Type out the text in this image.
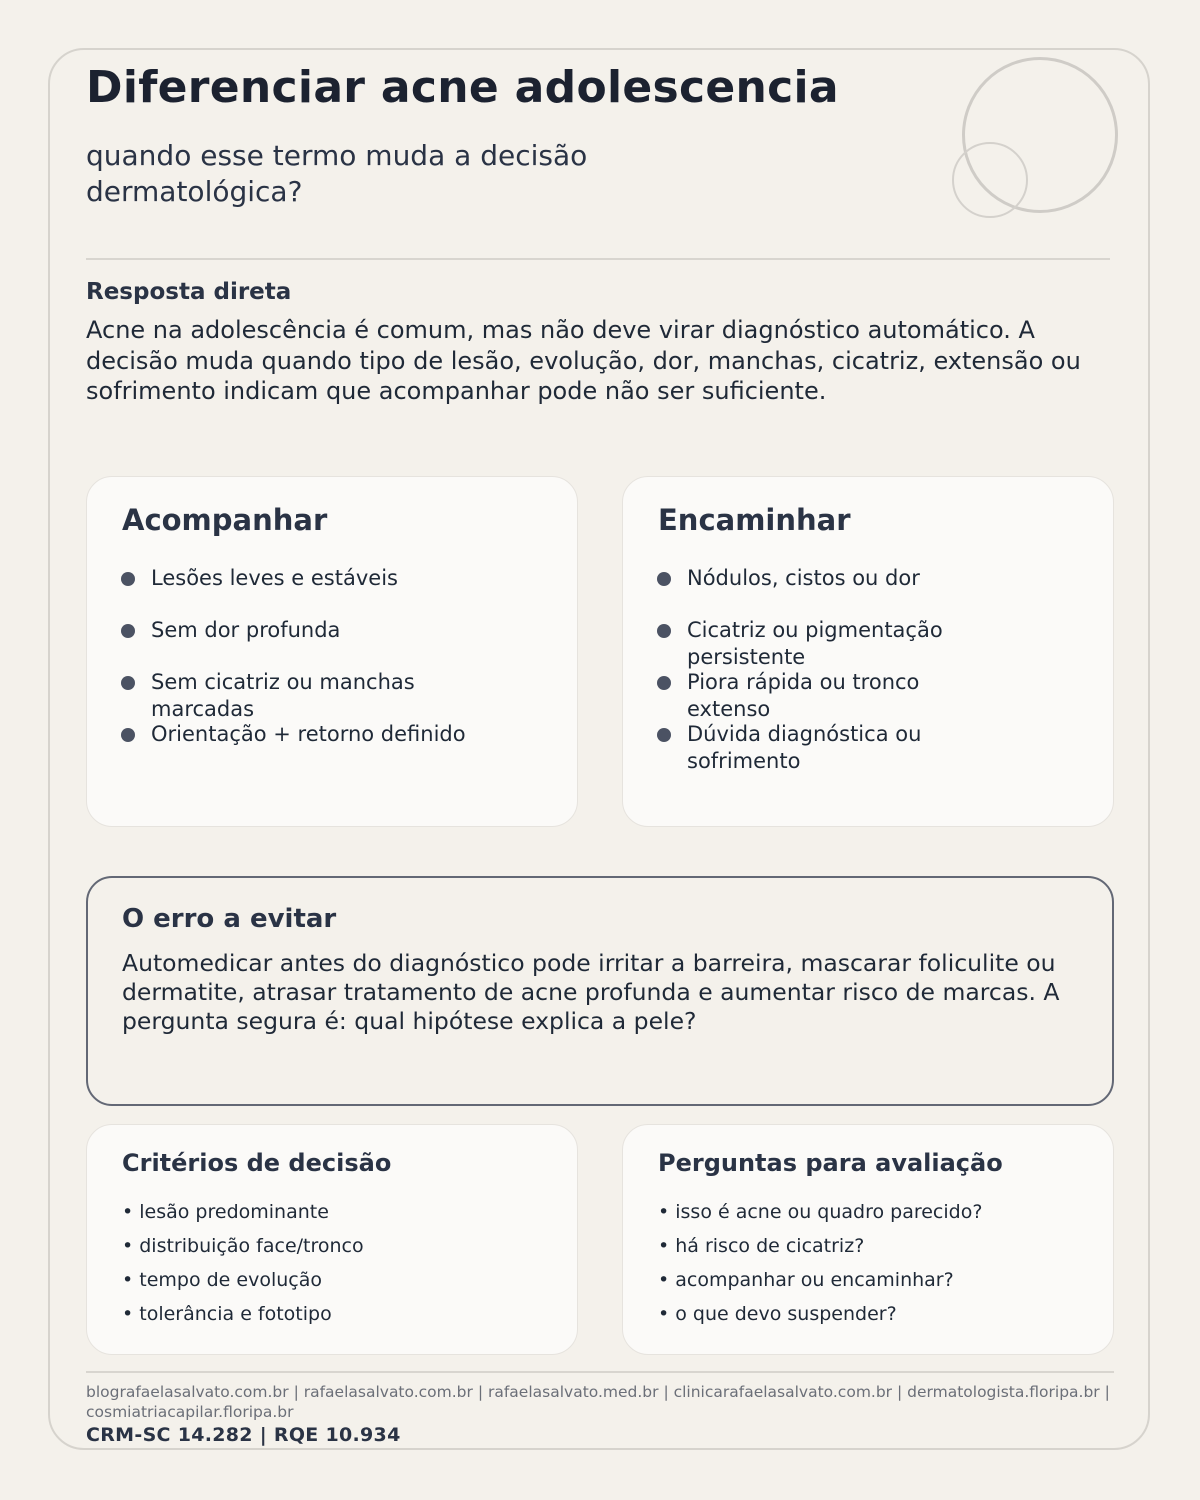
Diferenciar acne adolescencia

quando esse termo muda a decisão dermatológica?

Resposta direta

Acne na adolescência é comum, mas não deve virar diagnóstico automático. A decisão muda quando tipo de lesão, evolução, dor, manchas, cicatriz, extensão ou sofrimento indicam que acompanhar pode não ser suficiente.

Acompanhar
Lesões leves e estáveis
Sem dor profunda
Sem cicatriz ou manchas marcadas
Orientação + retorno definido
Encaminhar
Nódulos, cistos ou dor
Cicatriz ou pigmentação persistente
Piora rápida ou tronco extenso
Dúvida diagnóstica ou sofrimento
O erro a evitar

Automedicar antes do diagnóstico pode irritar a barreira, mascarar foliculite ou dermatite, atrasar tratamento de acne profunda e aumentar risco de marcas. A pergunta segura é: qual hipótese explica a pele?

Critérios de decisão
• lesão predominante
• distribuição face/tronco
• tempo de evolução
• tolerância e fototipo
Perguntas para avaliação
• isso é acne ou quadro parecido?
• há risco de cicatriz?
• acompanhar ou encaminhar?
• o que devo suspender?

blografaelasalvato.com.br | rafaelasalvato.com.br | rafaelasalvato.med.br | clinicarafaelasalvato.com.br | dermatologista.floripa.br | cosmiatriacapilar.floripa.br

CRM-SC 14.282 | RQE 10.934
